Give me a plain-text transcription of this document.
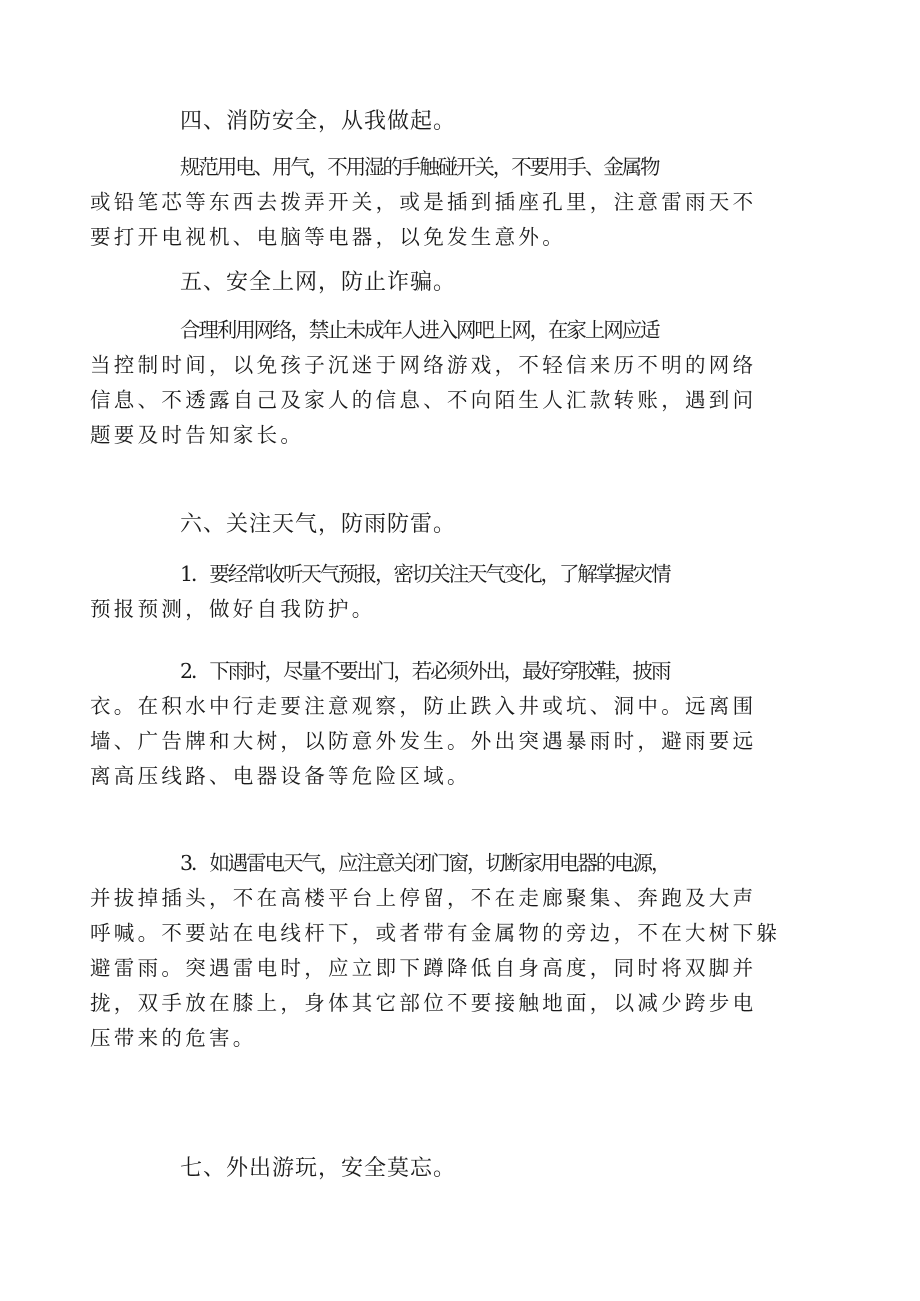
四、消防安全，从我做起。

规范用电、用气，不用湿的手触碰开关，不要用手、金属物
或铅笔芯等东西去拨弄开关，或是插到插座孔里，注意雷雨天不
要打开电视机、电脑等电器，以免发生意外。

五、安全上网，防止诈骗。

合理利用网络，禁止未成年人进入网吧上网，在家上网应适
当控制时间，以免孩子沉迷于网络游戏，不轻信来历不明的网络
信息、不透露自己及家人的信息、不向陌生人汇款转账，遇到问
题要及时告知家长。

六、关注天气，防雨防雷。

1．要经常收听天气预报，密切关注天气变化，了解掌握灾情
预报预测，做好自我防护。

2．下雨时，尽量不要出门，若必须外出，最好穿胶鞋，披雨
衣。在积水中行走要注意观察，防止跌入井或坑、洞中。远离围
墙、广告牌和大树，以防意外发生。外出突遇暴雨时，避雨要远
离高压线路、电器设备等危险区域。

3．如遇雷电天气，应注意关闭门窗，切断家用电器的电源，
并拔掉插头，不在高楼平台上停留，不在走廊聚集、奔跑及大声
呼喊。不要站在电线杆下，或者带有金属物的旁边，不在大树下躲
避雷雨。突遇雷电时，应立即下蹲降低自身高度，同时将双脚并
拢，双手放在膝上，身体其它部位不要接触地面，以减少跨步电
压带来的危害。

七、外出游玩，安全莫忘。
